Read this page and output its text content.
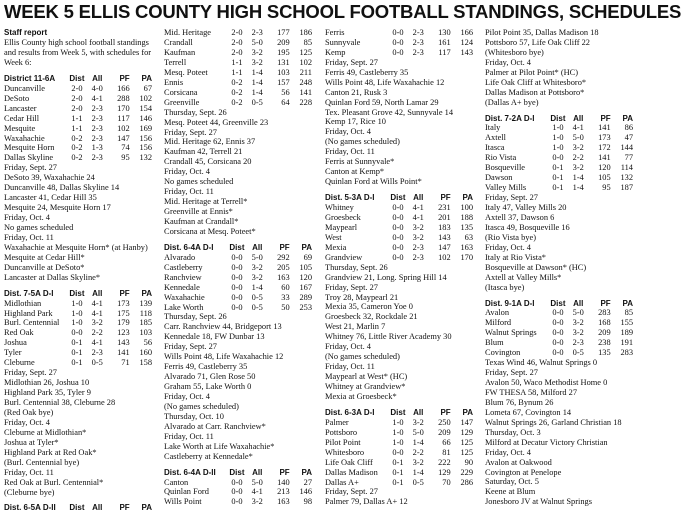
WEEK 5 ELLIS COUNTY HIGH SCHOOL FOOTBALL STANDINGS, SCHEDULES
Staff report
Ellis County high school football standings and results from Week 5, with schedules for Week 6:
District 11-6A	Dist	All	PF	PA
Duncanville	2-0	4-0	166	67
DeSoto	2-0	4-1	288	102
Lancaster	2-0	2-3	170	154
Cedar Hill	1-1	2-3	117	146
Mesquite	1-1	2-3	102	169
Waxahachie	0-2	2-3	147	156
Mesquite Horn	0-2	1-3	74	156
Dallas Skyline	0-2	2-3	95	132
Friday, Sept. 27
DeSoto 39, Waxahachie 24
Duncanville 48, Dallas Skyline 14
Lancaster 41, Cedar Hill 35
Mesquite 24, Mesquite Horn 17
Friday, Oct. 4
No games scheduled
Friday, Oct. 11
Waxahachie at Mesquite Horn* (at Hanby)
Mesquite at Cedar Hill*
Duncanville at DeSoto*
Lancaster at Dallas Skyline*
Dist. 7-5A D-I	Dist	All	PF	PA
Midlothian	1-0	4-1	173	139
Highland Park	1-0	4-1	175	118
Burl. Centennial	1-0	3-2	179	185
Red Oak	0-0	2-2	123	103
Joshua	0-1	4-1	143	56
Tyler	0-1	2-3	141	160
Cleburne	0-1	0-5	71	158
Friday, Sept. 27
Midlothian 26, Joshua 10
Highland Park 35, Tyler 9
Burl. Centennial 38, Cleburne 28
(Red Oak bye)
Friday, Oct. 4
Cleburne at Midlothian*
Joshua at Tyler*
Highland Park at Red Oak*
(Burl. Centennial bye)
Friday, Oct. 11
Red Oak at Burl. Centennial*
(Cleburne bye)
Dist. 6-5A D-II	Dist	All	PF	PA
Mid. Heritage	2-0	2-3	177	186
Crandall	2-0	5-0	209	85
Kaufman	2-0	3-2	195	125
Terrell	1-1	3-2	131	102
Mesq. Poteet	1-1	1-4	103	211
Ennis	0-2	1-4	157	248
Corsicana	0-2	1-4	56	141
Greenville	0-2	0-5	64	228
Thursday, Sept. 26
Mesq. Poteet 44, Greenville 23
Friday, Sept. 27
Mid. Heritage 62, Ennis 37
Kaufman 42, Terrell 21
Crandall 45, Corsicana 20
Friday, Oct. 4
No games scheduled
Friday, Oct. 11
Mid. Heritage at Terrell*
Greenville at Ennis*
Kaufman at Crandall*
Corsicana at Mesq. Poteet*
Dist. 6-4A D-I	Dist	All	PF	PA
Alvarado	0-0	5-0	292	69
Castleberry	0-0	3-2	205	105
Ranchview	0-0	3-2	163	120
Kennedale	0-0	1-4	60	167
Waxahachie	0-0	0-5	33	289
Lake Worth	0-0	0-5	50	253
Thursday, Sept. 26
Carr. Ranchview 44, Bridgeport 13
Kennedale 18, FW Dunbar 13
Friday, Sept. 27
Wills Point 48, Life Waxahachie 12
Ferris 49, Castleberry 35
Alvarado 71, Glen Rose 50
Graham 55, Lake Worth 0
Friday, Oct. 4
(No games scheduled)
Thursday, Oct. 10
Alvarado at Carr. Ranchview*
Friday, Oct. 11
Lake Worth at Life Waxahachie*
Castleberry at Kennedale*
Dist. 6-4A D-II	Dist	All	PF	PA
Canton	0-0	5-0	140	27
Quinlan Ford	0-0	4-1	213	146
Wills Point	0-0	3-2	163	98
Ferris	0-0	2-3	130	166
Sunnyvale	0-0	2-3	161	124
Kemp	0-0	2-3	117	143
Friday, Sept. 27
Ferris 49, Castleberry 35
Wills Point 48, Life Waxahachie 12
Canton 21, Rusk 3
Quinlan Ford 59, North Lamar 29
Tex. Pleasant Grove 42, Sunnyvale 14
Kemp 17, Rice 10
Friday, Oct. 4
(No games scheduled)
Friday, Oct. 11
Ferris at Sunnyvale*
Canton at Kemp*
Quinlan Ford at Wills Point*
Dist. 5-3A D-I	Dist	All	PF	PA
Whitney	0-0	4-1	231	100
Groesbeck	0-0	4-1	201	188
Maypearl	0-0	3-2	183	135
West	0-0	3-2	143	63
Mexia	0-0	2-3	147	163
Grandview	0-0	2-3	102	170
Thursday, Sept. 26
Grandview 21, Long. Spring Hill 14
Friday, Sept. 27
Troy 28, Maypearl 21
Mexia 35, Cameron Yoe 0
Groesbeck 32, Rockdale 21
West 21, Marlin 7
Whitney 76, Little River Academy 30
Friday, Oct. 4
(No games scheduled)
Friday, Oct. 11
Maypearl at West* (HC)
Whitney at Grandview*
Mexia at Groesbeck*
Dist. 6-3A D-I	Dist	All	PF	PA
Palmer	1-0	3-2	250	147
Pottsboro	1-0	5-0	209	129
Pilot Point	1-0	1-4	66	125
Whitesboro	0-0	2-2	81	125
Life Oak Cliff	0-1	3-2	222	90
Dallas Madison	0-1	1-4	129	229
Dallas A+	0-1	0-5	70	286
Friday, Sept. 27
Palmer 79, Dallas A+ 12
Pilot Point 35, Dallas Madison 18
Pottsboro 57, Life Oak Cliff 22
(Whitesboro bye)
Friday, Oct. 4
Palmer at Pilot Point* (HC)
Life Oak Cliff at Whitesboro*
Dallas Madison at Pottsboro*
(Dallas A+ bye)
Dist. 7-2A D-I	Dist	All	PF	PA
Italy	1-0	4-1	141	86
Axtell	1-0	5-0	173	47
Itasca	1-0	3-2	172	144
Rio Vista	0-0	2-2	141	77
Bosqueville	0-1	3-2	120	114
Dawson	0-1	1-4	105	132
Valley Mills	0-1	1-4	95	187
Friday, Sept. 27
Italy 47, Valley Mills 20
Axtell 37, Dawson 6
Itasca 49, Bosqueville 16
(Rio Vista bye)
Friday, Oct. 4
Italy at Rio Vista*
Bosqueville at Dawson* (HC)
Axtell at Valley Mills*
(Itasca bye)
Dist. 9-1A D-I	Dist	All	PF	PA
Avalon	0-0	5-0	283	85
Milford	0-0	3-2	168	155
Walnut Springs	0-0	3-2	209	189
Blum	0-0	2-3	238	191
Covington	0-0	0-5	135	283
Texas Wind 46, Walnut Springs 0
Friday, Sept. 27
Avalon 50, Waco Methodist Home 0
FW THESA 58, Milford 27
Blum 76, Bynum 26
Lometa 67, Covington 14
Walnut Springs 26, Garland Christian 18
Thursday, Oct. 3
Milford at Decatur Victory Christian
Friday, Oct. 4
Avalon at Oakwood
Covington at Penelope
Saturday, Oct. 5
Keene at Blum
Jonesboro JV at Walnut Springs
